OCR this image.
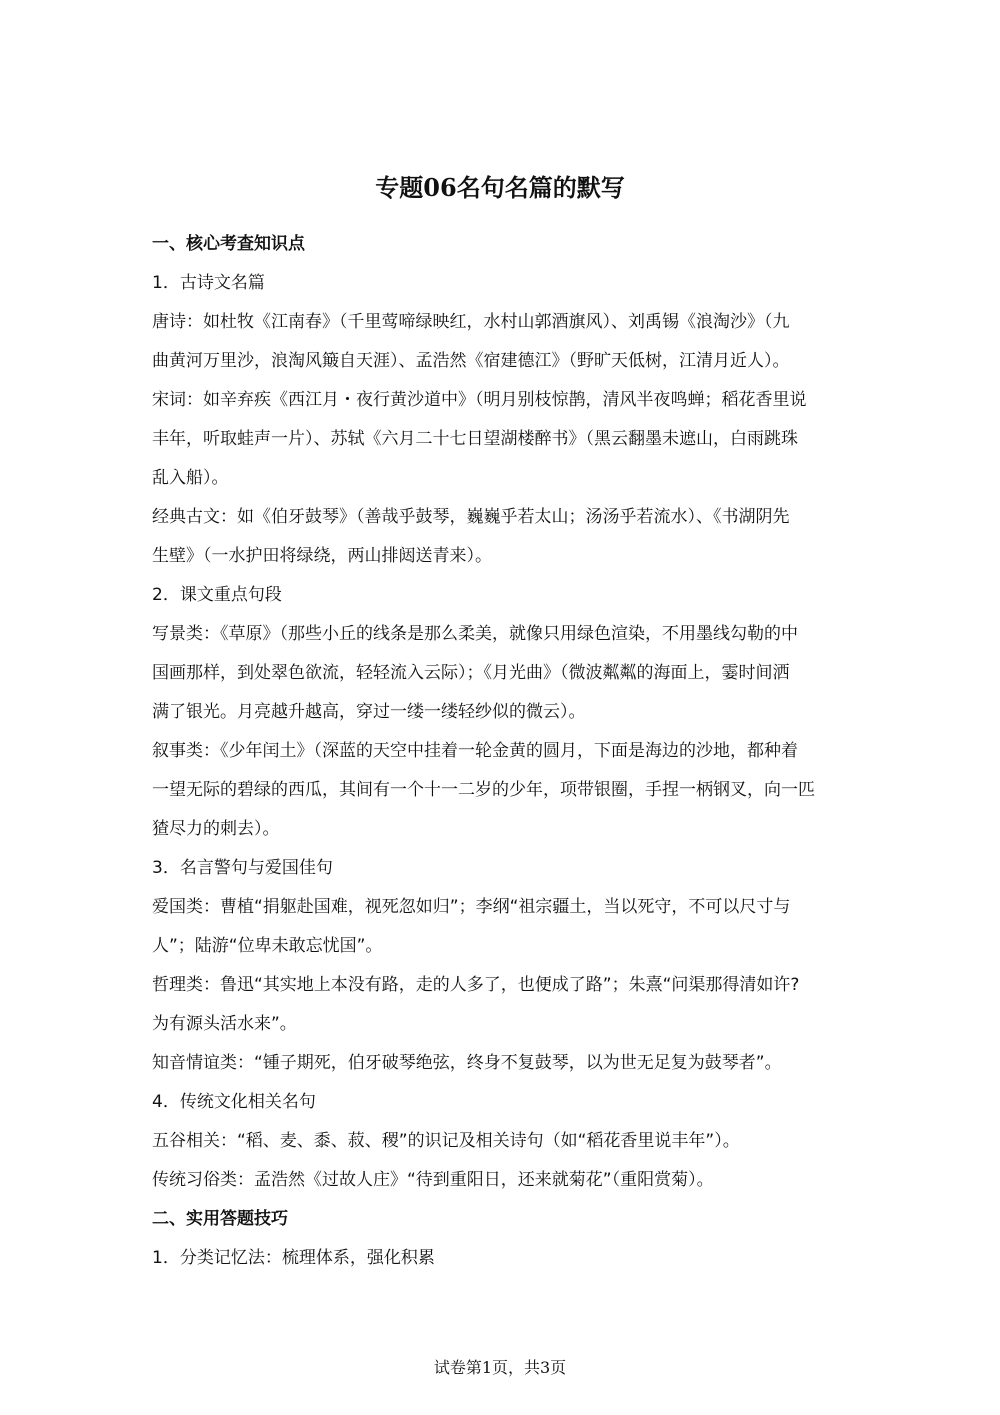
专题06名句名篇的默写
一、核心考查知识点
1．古诗文名篇
唐诗：如杜牧《江南春》（千里莺啼绿映红，水村山郭酒旗风）、刘禹锡《浪淘沙》（九
曲黄河万里沙，浪淘风簸自天涯）、孟浩然《宿建德江》（野旷天低树，江清月近人）。
宋词：如辛弃疾《西江月・夜行黄沙道中》（明月别枝惊鹊，清风半夜鸣蝉；稻花香里说
丰年，听取蛙声一片）、苏轼《六月二十七日望湖楼醉书》（黑云翻墨未遮山，白雨跳珠
乱入船）。
经典古文：如《伯牙鼓琴》（善哉乎鼓琴，巍巍乎若太山；汤汤乎若流水）、《书湖阴先
生壁》（一水护田将绿绕，两山排闼送青来）。
2．课文重点句段
写景类：《草原》（那些小丘的线条是那么柔美，就像只用绿色渲染，不用墨线勾勒的中
国画那样，到处翠色欲流，轻轻流入云际）；《月光曲》（微波粼粼的海面上，霎时间洒
满了银光。月亮越升越高，穿过一缕一缕轻纱似的微云）。
叙事类：《少年闰土》（深蓝的天空中挂着一轮金黄的圆月，下面是海边的沙地，都种着
一望无际的碧绿的西瓜，其间有一个十一二岁的少年，项带银圈，手捏一柄钢叉，向一匹
猹尽力的刺去）。
3．名言警句与爱国佳句
爱国类：曹植“捐躯赴国难，视死忽如归”；李纲“祖宗疆土，当以死守，不可以尺寸与
人”；陆游“位卑未敢忘忧国”。
哲理类：鲁迅“其实地上本没有路，走的人多了，也便成了路”；朱熹“问渠那得清如许?
为有源头活水来”。
知音情谊类：“锺子期死，伯牙破琴绝弦，终身不复鼓琴，以为世无足复为鼓琴者”。
4．传统文化相关名句
五谷相关：“稻、麦、黍、菽、稷”的识记及相关诗句（如“稻花香里说丰年”）。
传统习俗类：孟浩然《过故人庄》“待到重阳日，还来就菊花”（重阳赏菊）。
二、实用答题技巧
1．分类记忆法：梳理体系，强化积累
试卷第1页，共3页
